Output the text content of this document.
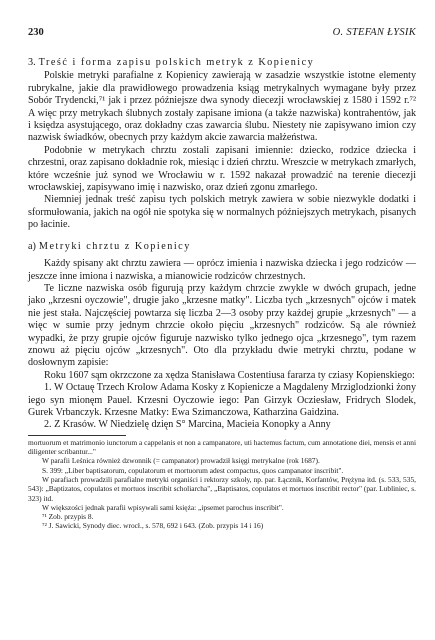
230	O. STEFAN ŁYSIK
3. Treść i forma zapisu polskich metryk z Kopienicy

Polskie metryki parafialne z Kopienicy zawierają w zasadzie wszystkie istotne elementy rubrykalne, jakie dla prawidłowego prowadzenia ksiąg metrykalnych wymagane były przez Sobór Trydencki,⁷¹ jak i przez późniejsze dwa synody diecezji wrocławskiej z 1580 i 1592 r.⁷² A więc przy metrykach ślubnych zostały zapisane imiona (a także nazwiska) kontrahentów, jak i księdza asystującego, oraz dokładny czas zawarcia ślubu. Niestety nie zapisywano imion czy nazwisk świadków, obecnych przy każdym akcie zawarcia małżeństwa.

Podobnie w metrykach chrztu zostali zapisani imiennie: dziecko, rodzice dziecka i chrzestni, oraz zapisano dokładnie rok, miesiąc i dzień chrztu. Wreszcie w metrykach zmarłych, które wcześnie już synod we Wrocławiu w r. 1592 nakazał prowadzić na terenie diecezji wrocławskiej, zapisywano imię i nazwisko, oraz dzień zgonu zmarłego.

Niemniej jednak treść zapisu tych polskich metryk zawiera w sobie niezwykle dodatki i sformułowania, jakich na ogół nie spotyka się w normalnych późniejszych metrykach, pisanych po łacinie.

a) Metryki chrztu z Kopienicy

Każdy spisany akt chrztu zawiera — oprócz imienia i nazwiska dziecka i jego rodziców — jeszcze inne imiona i nazwiska, a mianowicie rodziców chrzestnych.

Te liczne nazwiska osób figurują przy każdym chrzcie zwykle w dwóch grupach, jedne jako „krzesni oyczowie", drugie jako „krzesne matky". Liczba tych „krzesnych" ojców i matek nie jest stała. Najczęściej powtarza się liczba 2—3 osoby przy każdej grupie „krzesnych" — a więc w sumie przy jednym chrzcie około pięciu „krzesnych" rodziców. Są ale również wypadki, że przy grupie ojców figuruje nazwisko tylko jednego ojca „krzesnego", tym razem znowu aż pięciu ojców „krzesnych". Oto dla przykładu dwie metryki chrztu, podane w dosłownym zapisie:

Roku 1607 sąm okrzczone za xędza Stanisława Costentiusa fararza ty cziasy Kopienskiego:

1. W Octauę Trzech Krolow Adama Kosky z Kopienicze a Magdaleny Mrziglodzionki żony iego syn mionęm Pauel. Krzesni Oyczowie iego: Pan Girzyk Ocziesław, Fridrych Slodek, Gurek Vrbanczyk. Krzesne Matky: Ewa Szimanczowa, Katharzina Gaidzina.

2. Z Krasów. W Niedzielę dzięn S° Marcina, Macieia Konopky a Anny

mortuorum et matrimonio iunctorum a cappelanis et non a campanatore, uti hactemus factum, cum annotatione diei, mensis et anni diligenter scribantur..."

W parafii Leśnica również dzwonnik (= campanator) prowadził księgi metrykalne (rok 1687).

S. 399: „Liber baptisatorum, copulatorum et mortuorum adest compactus, quos campanator inscribit".

W parafiach prowadzili parafialne metryki organiści i rektorzy szkoły, np. par. Łącznik, Korfantów, Prężyna itd. (s. 533, 535, 543): „Baptizatos, copulatos et mortuos inscribit scholiarcha", „Baptisatos, copulatos et mortuos inscribit rector" (par. Lubliniec, s. 323) itd.

W większości jednak parafii wpisywali sami księża: „ipsemet parochus inscribit".

⁷¹ Zob. przypis 8.

⁷² J. Sawicki, Synody diec. wrocł., s. 578, 692 i 643. (Zob. przypis 14 i 16)
